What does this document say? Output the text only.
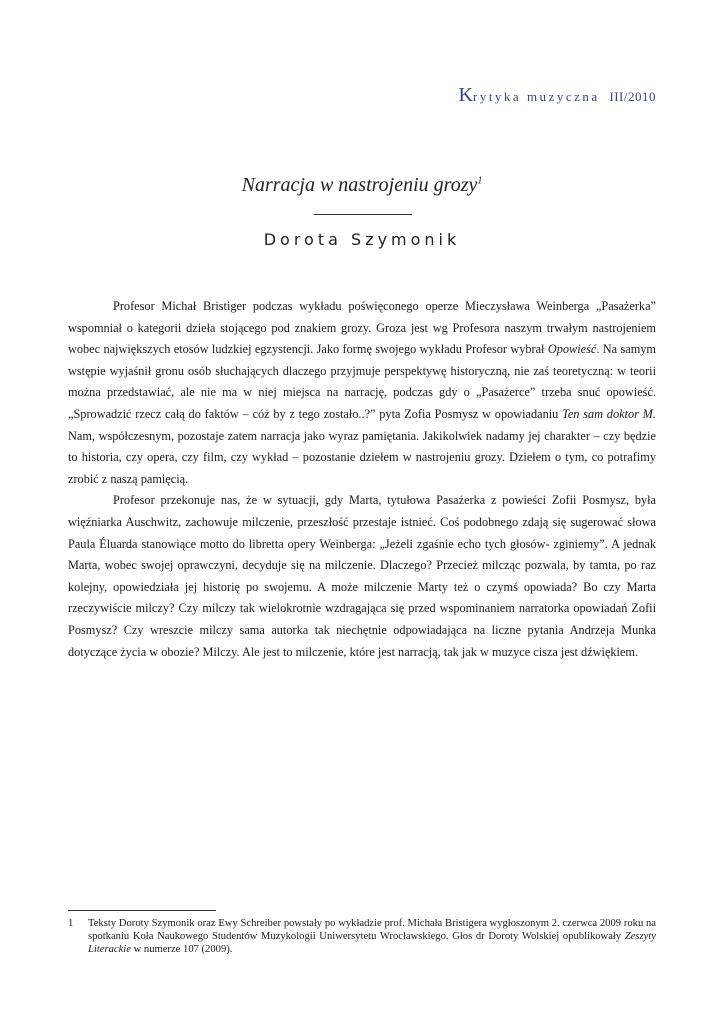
Krytyka muzyczna III/2010
Narracja w nastrojeniu grozy$^1$
Dorota Szymonik

Profesor Michał Bristiger podczas wykładu poświęconego operze Mieczysława Weinberga „Pasażerka” wspomniał o kategorii dzieła stojącego pod znakiem grozy. Groza jest wg Profesora naszym trwałym nastrojeniem wobec największych etosów ludzkiej egzystencji. Jako formę swojego wykładu Profesor wybrał Opowieść. Na samym wstępie wyjaśnił gronu osób słuchających dlaczego przyjmuje perspektywę historyczną, nie zaś teoretyczną: w teorii można przedstawiać, ale nie ma w niej miejsca na narrację, podczas gdy o „Pasażerce” trzeba snuć opowieść. „Sprowadzić rzecz całą do faktów – cóż by z tego zostało..?” pyta Zofia Posmysz w opowiadaniu Ten sam doktor M. Nam, współczesnym, pozostaje zatem narracja jako wyraz pamiętania. Jakikolwiek nadamy jej charakter – czy będzie to historia, czy opera, czy film, czy wykład – pozostanie dziełem w nastrojeniu grozy. Dziełem o tym, co potrafimy zrobić z naszą pamięcią.

Profesor przekonuje nas, że w sytuacji, gdy Marta, tytułowa Pasażerka z powieści Zofii Posmysz, była więźniarka Auschwitz, zachowuje milczenie, przeszłość przestaje istnieć. Coś podobnego zdają się sugerować słowa Paula Éluarda stanowiące motto do libretta opery Weinberga: „Jeżeli zgaśnie echo tych głosów- zginiemy”. A jednak Marta, wobec swojej oprawczyni, decyduje się na milczenie. Dlaczego? Przecież milcząc pozwala, by tamta, po raz kolejny, opowiedziała jej historię po swojemu. A może milczenie Marty też o czymś opowiada? Bo czy Marta rzeczywiście milczy? Czy milczy tak wielokrotnie wzdragająca się przed wspominaniem narratorka opowiadań Zofii Posmysz? Czy wreszcie milczy sama autorka tak niechętnie odpowiadająca na liczne pytania Andrzeja Munka dotyczące życia w obozie? Milczy. Ale jest to milczenie, które jest narracją, tak jak w muzyce cisza jest dźwiękiem.

1 Teksty Doroty Szymonik oraz Ewy Schreiber powstały po wykładzie prof. Michała Bristigera wygłoszonym 2. czerwca 2009 roku na spotkaniu Koła Naukowego Studentów Muzykologii Uniwersytetu Wrocławskiego. Głos dr Doroty Wolskiej opublikowały Zeszyty Literackie w numerze 107 (2009).
